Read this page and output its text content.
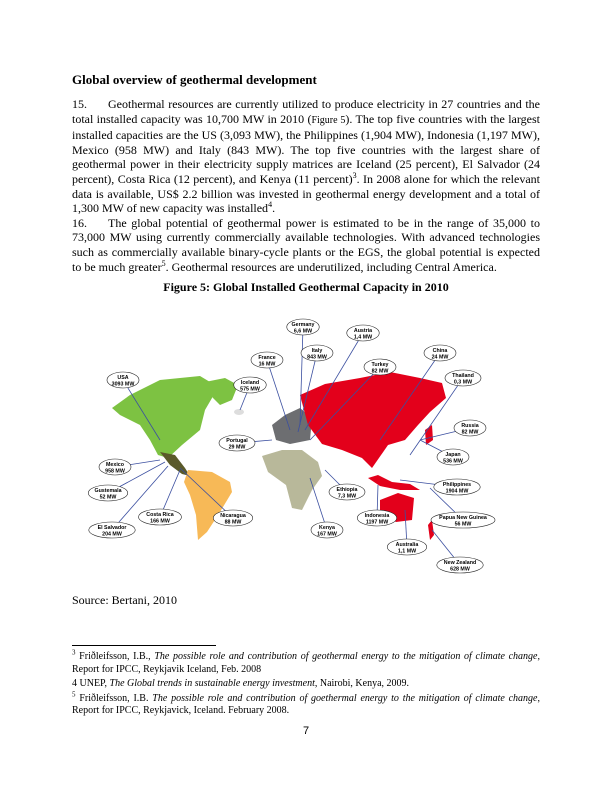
Global overview of geothermal development

15. Geothermal resources are currently utilized to produce electricity in 27 countries and the total installed capacity was 10,700 MW in 2010 (Figure 5). The top five countries with the largest installed capacities are the US (3,093 MW), the Philippines (1,904 MW), Indonesia (1,197 MW), Mexico (958 MW) and Italy (843 MW). The top five countries with the largest share of geothermal power in their electricity supply matrices are Iceland (25 percent), El Salvador (24 percent), Costa Rica (12 percent), and Kenya (11 percent)$^3$. In 2008 alone for which the relevant data is available, US$ 2.2 billion was invested in geothermal energy development and a total of 1,300 MW of new capacity was installed$^4$.

16. The global potential of geothermal power is estimated to be in the range of 35,000 to 73,000 MW using currently commercially available technologies. With advanced technologies such as commercially available binary-cycle plants or the EGS, the global potential is expected to be much greater$^5$. Geothermal resources are underutilized, including Central America.

Figure 5: Global Installed Geothermal Capacity in 2010
Germany
6,6 MW	Austria
1,4 MW
Italy
843 MW
France
16 MW
China
24 MW
Turkey
82 MW
Thailand
0,3 MW
USA
3093 MW	Iceland
575 MW
Russia
82 MW
Portugal
29 MW
Japan
536 MW
Mexico
958 MW
Ethiopia
7,3 MW
Philippines
1904 MW
Gustemala
52 MW
Costa Rica
166 MW
Nicaragua
88 MW
Indonesia
1197 MW
Kenya
167 MW
Papua New Guinea
56 MW
El Salvador
204 MW
Australia
1,1 MW
New Zealand
628 MW
Source: Bertani, 2010
$^3$ Friðleifsson, I.B., The possible role and contribution of geothermal energy to the mitigation of climate change, Report for IPCC, Reykjavik Iceland, Feb. 2008
4 UNEP, The Global trends in sustainable energy investment, Nairobi, Kenya, 2009.
$^5$ Friðleifsson, I.B. The possible role and contribution of goethermal energy to the mitigation of climate change, Report for IPCC, Reykjavick, Iceland. February 2008.
7
